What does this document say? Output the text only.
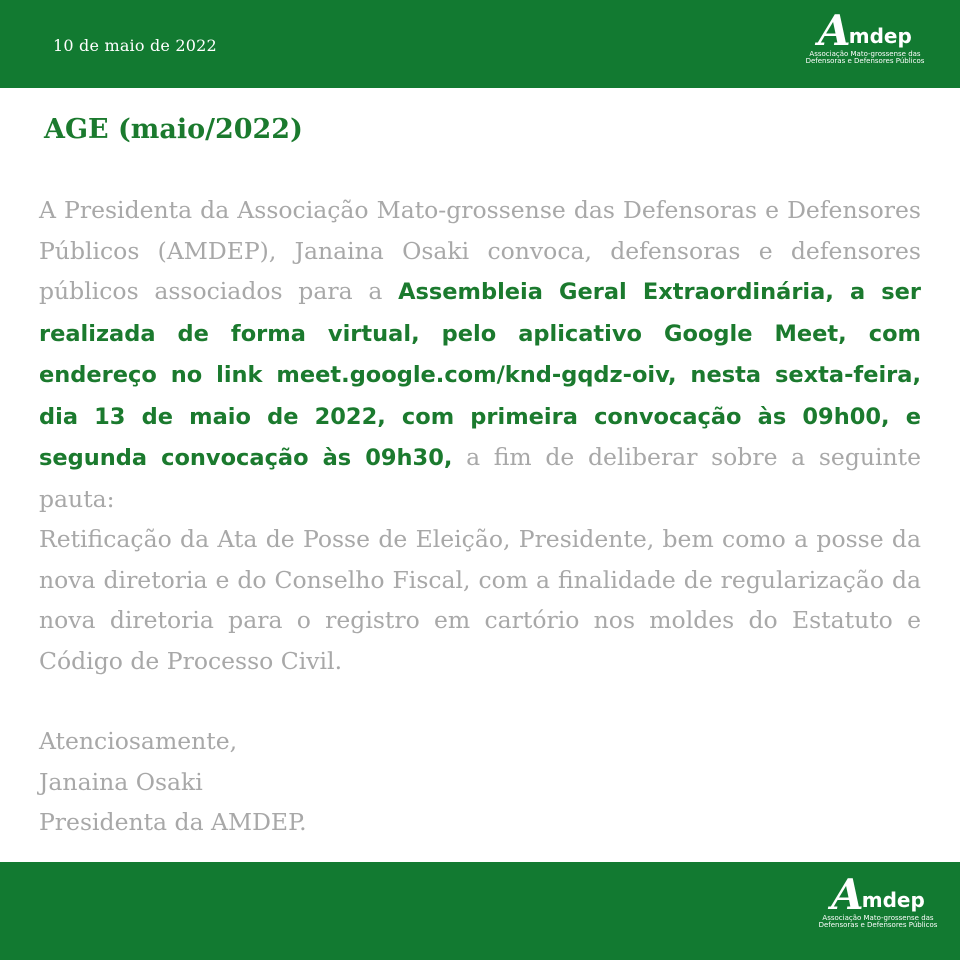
10 de maio de 2022	A
mdep
Associação Mato-grossense das
Defensoras e Defensores Públicos
AGE (maio/2022)

A Presidenta da Associação Mato-grossense das Defensoras e Defensores Públicos (AMDEP), Janaina Osaki convoca, defensoras e defensores públicos associados para a Assembleia Geral Extraordinária, a ser realizada de forma virtual, pelo aplicativo Google Meet, com endereço no link meet.google.com/knd-gqdz-oiv, nesta sexta-feira, dia 13 de maio de 2022, com primeira convocação às 09h00, e segunda convocação às 09h30, a fim de deliberar sobre a seguinte pauta:

Retificação da Ata de Posse de Eleição, Presidente, bem como a posse da nova diretoria e do Conselho Fiscal, com a finalidade de regularização da nova diretoria para o registro em cartório nos moldes do Estatuto e Código de Processo Civil.

Atenciosamente,

Janaina Osaki

Presidenta da AMDEP.

A
mdep
Associação Mato-grossense das
Defensoras e Defensores Públicos
